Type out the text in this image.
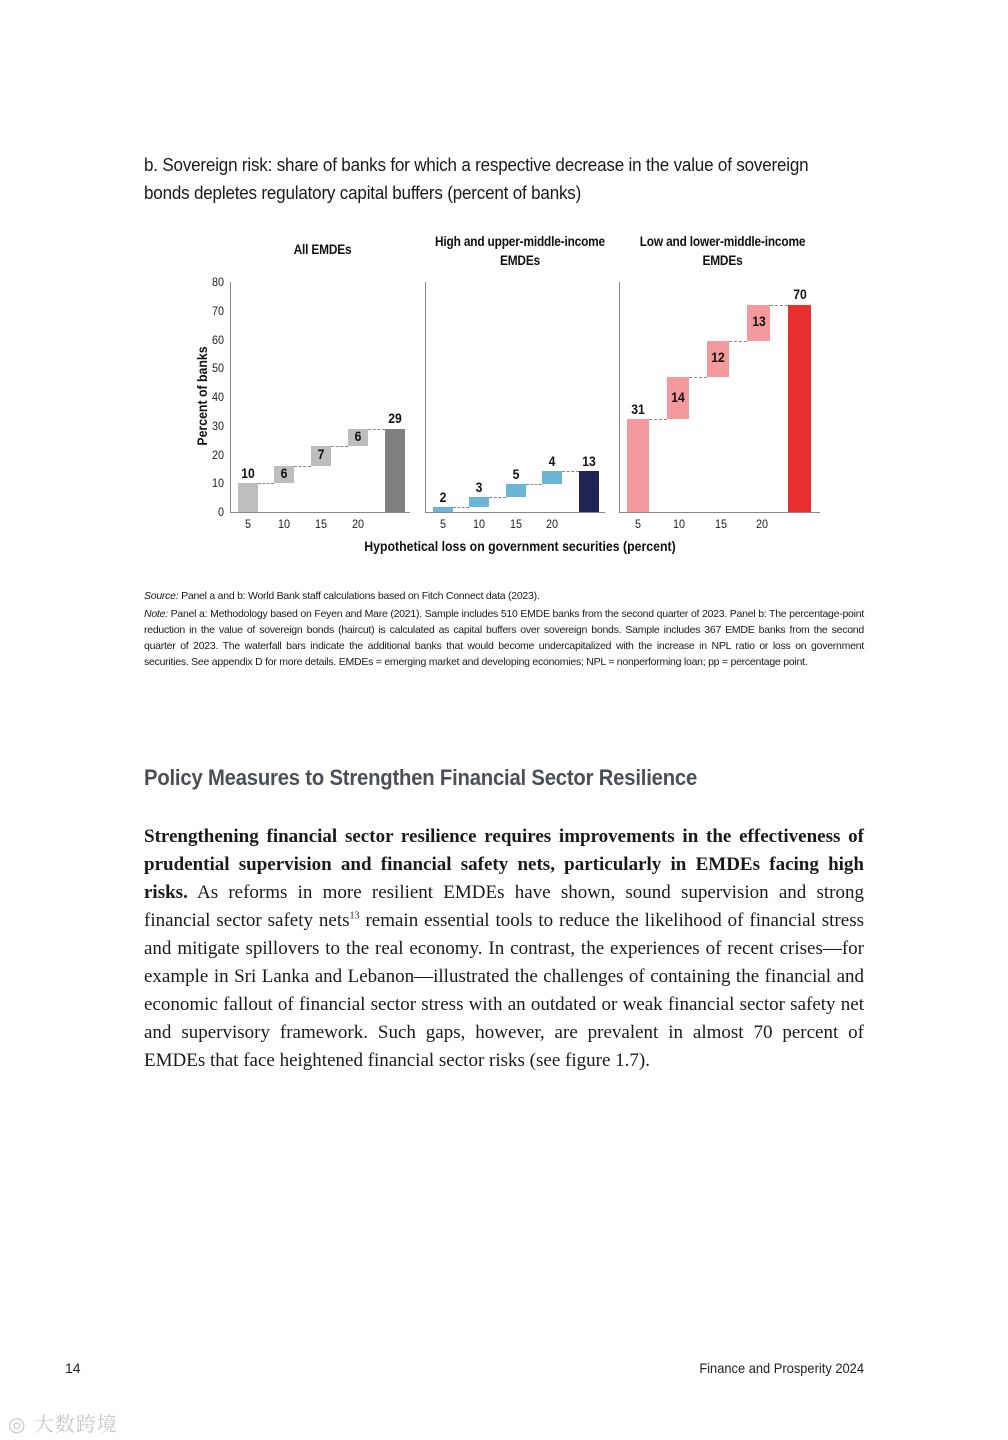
b. Sovereign risk: share of banks for which a respective decrease in the value of sovereign bonds depletes regulatory capital buffers (percent of banks)
All EMDEs
High and upper-middle-income EMDEs
Low and lower-middle-income EMDEs
Percent of banks
0
10
20
30
40
50
60
70
80
10	6
7
6
29
5	10	15	20
2
3
5
4	13
5	10	15	20
31
14
12
13
70
5	10	15	20
Hypothetical loss on government securities (percent)

Source: Panel a and b: World Bank staff calculations based on Fitch Connect data (2023).

Note: Panel a: Methodology based on Feyen and Mare (2021). Sample includes 510 EMDE banks from the second quarter of 2023. Panel b: The percentage-point reduction in the value of sovereign bonds (haircut) is calculated as capital buffers over sovereign bonds. Sample includes 367 EMDE banks from the second quarter of 2023. The waterfall bars indicate the additional banks that would become undercapitalized with the increase in NPL ratio or loss on government securities. See appendix D for more details. EMDEs = emerging market and developing economies; NPL = nonperforming loan; pp = percentage point.

Policy Measures to Strengthen Financial Sector Resilience
Strengthening financial sector resilience requires improvements in the effectiveness of prudential supervision and financial safety nets, particularly in EMDEs facing high risks. As reforms in more resilient EMDEs have shown, sound supervision and strong financial sector safety nets$^{13}$ remain essential tools to reduce the likelihood of financial stress and mitigate spillovers to the real economy. In contrast, the experiences of recent crises—for example in Sri Lanka and Lebanon—illustrated the challenges of containing the financial and economic fallout of financial sector stress with an outdated or weak financial sector safety net and supervisory framework. Such gaps, however, are prevalent in almost 70 percent of EMDEs that face heightened financial sector risks (see figure 1.7).
14	Finance and Prosperity 2024
◎ 大数跨境
